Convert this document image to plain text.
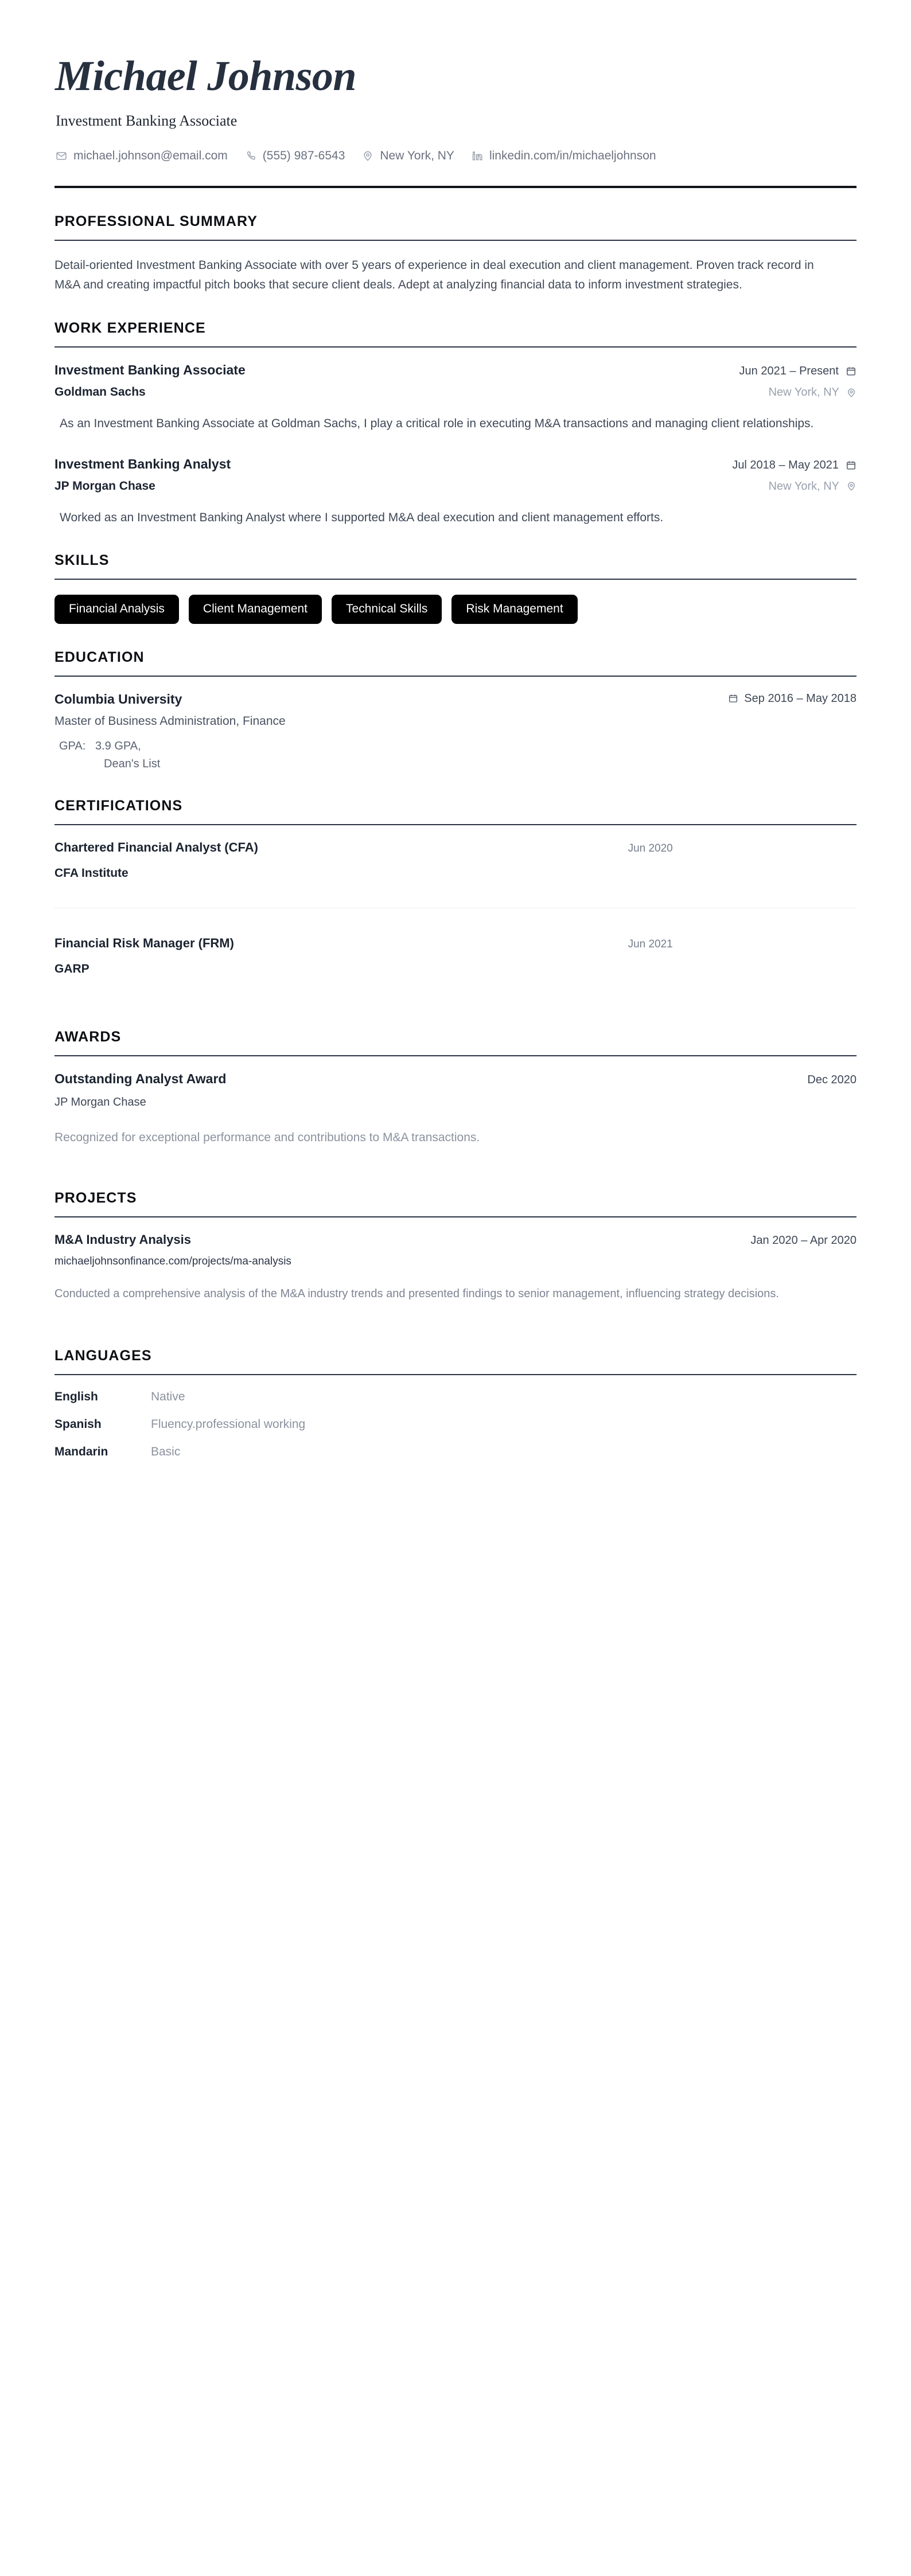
Michael Johnson
Investment Banking Associate
michael.johnson@email.com	(555) 987-6543	New York, NY	linkedin.com/in/michaeljohnson
PROFESSIONAL SUMMARY
Detail-oriented Investment Banking Associate with over 5 years of experience in deal execution and client management. Proven track record in M&A and creating impactful pitch books that secure client deals. Adept at analyzing financial data to inform investment strategies.
WORK EXPERIENCE
Investment Banking Associate	Jun 2021 – Present
Goldman Sachs	New York, NY
As an Investment Banking Associate at Goldman Sachs, I play a critical role in executing M&A transactions and managing client relationships.
Investment Banking Analyst	Jul 2018 – May 2021
JP Morgan Chase	New York, NY
Worked as an Investment Banking Analyst where I supported M&A deal execution and client management efforts.
SKILLS
Financial Analysis	Client Management	Technical Skills	Risk Management
EDUCATION
Columbia University	Sep 2016 – May 2018
Master of Business Administration, Finance
GPA: 3.9 GPA,
Dean's List
CERTIFICATIONS
Chartered Financial Analyst (CFA)	Jun 2020
CFA Institute
Financial Risk Manager (FRM)	Jun 2021
GARP
AWARDS
Outstanding Analyst Award	Dec 2020
JP Morgan Chase
Recognized for exceptional performance and contributions to M&A transactions.
PROJECTS
M&A Industry Analysis	Jan 2020 – Apr 2020
michaeljohnsonfinance.com/projects/ma-analysis
Conducted a comprehensive analysis of the M&A industry trends and presented findings to senior management, influencing strategy decisions.
LANGUAGES
English	Native
Spanish	Fluency.professional working
Mandarin	Basic
